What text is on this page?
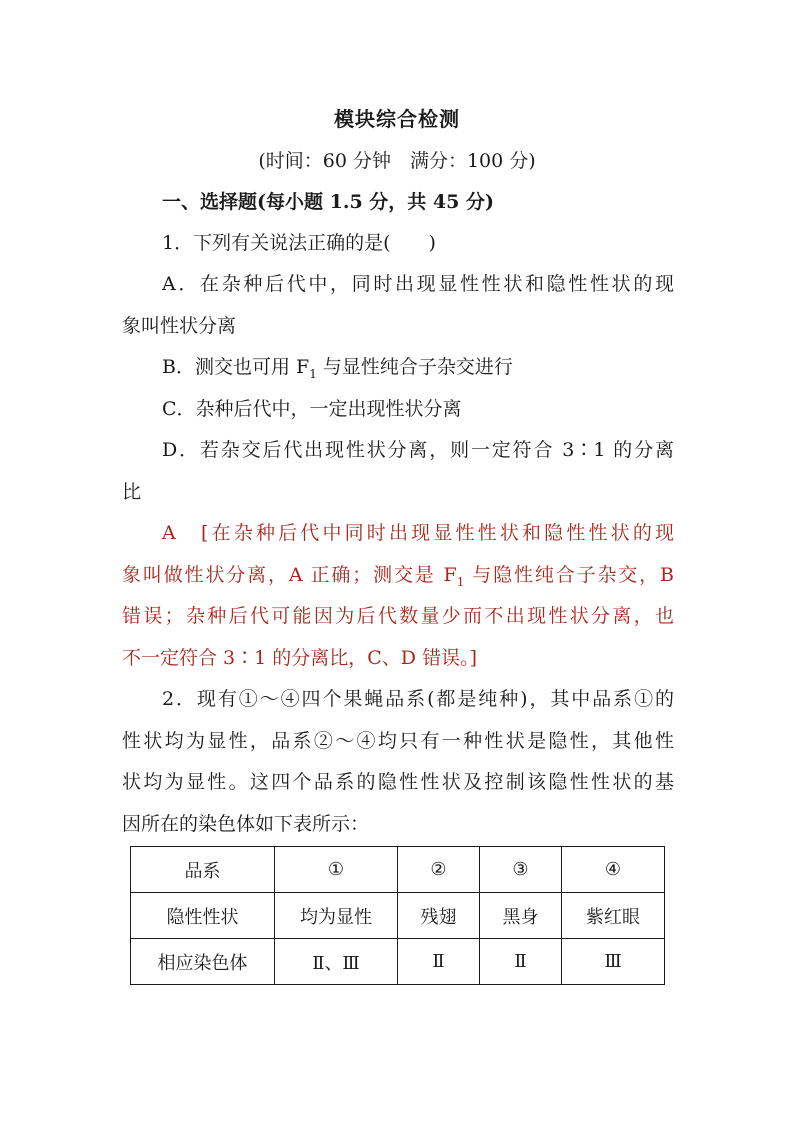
模块综合检测
(时间：60 分钟　满分：100 分)
一、选择题(每小题 1.5 分，共 45 分)
1．下列有关说法正确的是(　　)
A．在杂种后代中，同时出现显性性状和隐性性状的现
象叫性状分离
B．测交也可用 $F_1$ 与显性纯合子杂交进行
C．杂种后代中，一定出现性状分离
D．若杂交后代出现性状分离，则一定符合 3∶1 的分离
比
A　[在杂种后代中同时出现显性性状和隐性性状的现
象叫做性状分离，A 正确；测交是 $F_1$ 与隐性纯合子杂交，B
错误；杂种后代可能因为后代数量少而不出现性状分离，也
不一定符合 3∶1 的分离比，C、D 错误。]
2．现有①～④四个果蝇品系(都是纯种)，其中品系①的
性状均为显性，品系②～④均只有一种性状是隐性，其他性
状均为显性。这四个品系的隐性性状及控制该隐性性状的基
因所在的染色体如下表所示：
品系	①	②	③	④
隐性性状	均为显性	残翅	黑身	紫红眼
相应染色体	Ⅱ、Ⅲ	Ⅱ	Ⅱ	Ⅲ
